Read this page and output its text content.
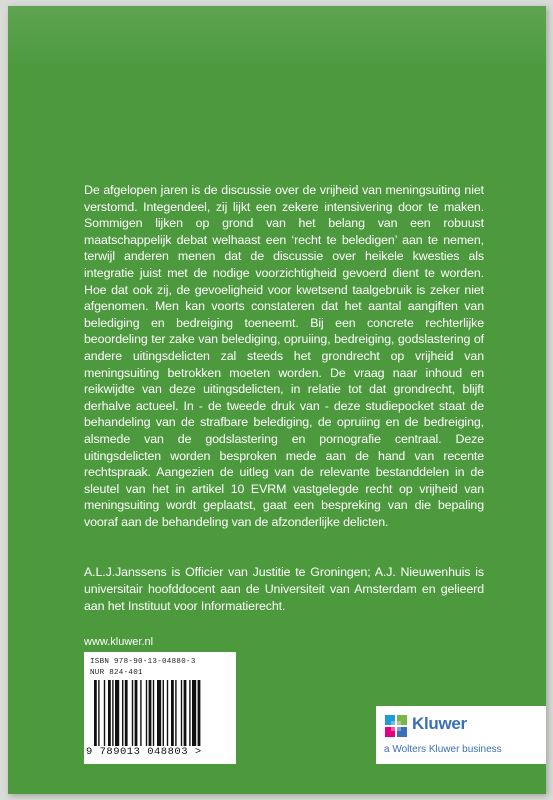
De afgelopen jaren is de discussie over de vrijheid van meningsuiting niet verstomd. Integendeel, zij lijkt een zekere intensivering door te maken. Sommigen lijken op grond van het belang van een robuust maatschappelijk debat welhaast een ‘recht te beledigen’ aan te nemen, terwijl anderen menen dat de discussie over heikele kwesties als integratie juist met de nodige voorzichtigheid gevoerd dient te worden. Hoe dat ook zij, de gevoeligheid voor kwetsend taalgebruik is zeker niet afgenomen. Men kan voorts constateren dat het aantal aangiften van belediging en bedreiging toeneemt. Bij een concrete rechterlijke beoordeling ter zake van belediging, opruiing, bedreiging, godslastering of andere uitingsdelicten zal steeds het grondrecht op vrijheid van meningsuiting betrokken moeten worden. De vraag naar inhoud en reikwijdte van deze uitingsdelicten, in relatie tot dat grondrecht, blijft derhalve actueel. In - de tweede druk van - deze studiepocket staat de behandeling van de strafbare belediging, de opruiing en de bedreiging, alsmede van de godslastering en pornografie centraal. Deze uitingsdelicten worden besproken mede aan de hand van recente rechtspraak. Aangezien de uitleg van de relevante bestanddelen in de sleutel van het in artikel 10 EVRM vastgelegde recht op vrijheid van meningsuiting wordt geplaatst, gaat een bespreking van die bepaling vooraf aan de behandeling van de afzonderlijke delicten.

A.L.J.Janssens is Officier van Justitie te Groningen; A.J. Nieuwenhuis is universitair hoofddocent aan de Universiteit van Amsterdam en gelieerd aan het Instituut voor Informatierecht.

www.kluwer.nl
ISBN 978-90-13-04880-3
NUR 824-401
9 789013 048803 >
Kluwer
a Wolters Kluwer business
